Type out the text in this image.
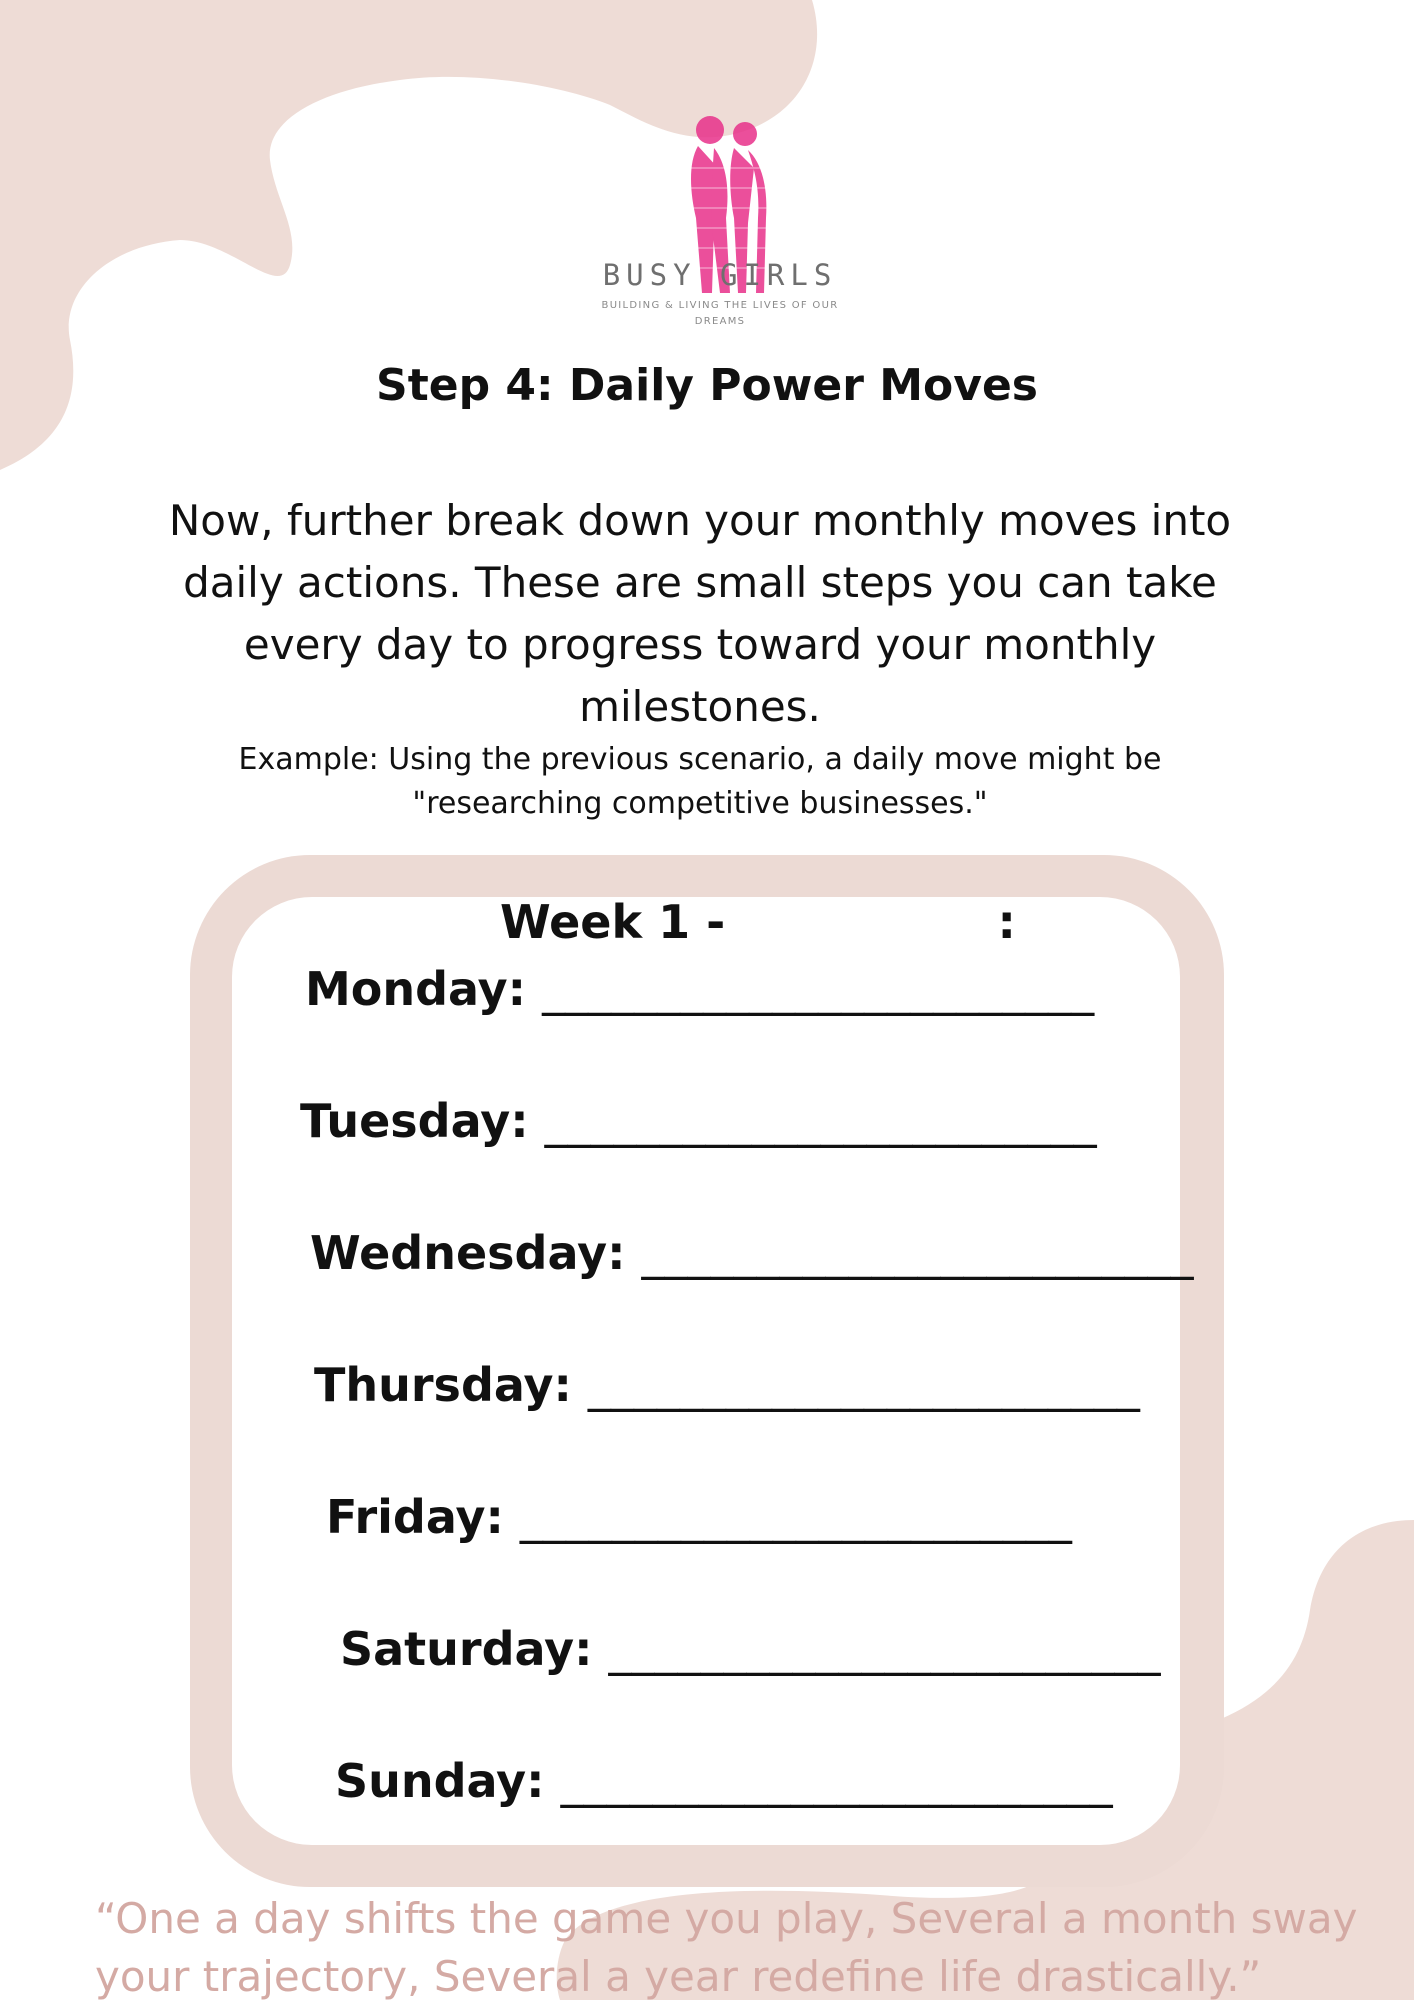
BUSY GIRLS
BUILDING & LIVING THE LIVES OF OUR
DREAMS
Step 4: Daily Power Moves
Now, further break down your monthly moves into daily actions. These are small steps you can take every day to progress toward your monthly milestones.
Example: Using the previous scenario, a daily move might be "researching competitive businesses."
Week 1 -                 :
Monday: ________________________
Tuesday: ________________________
Wednesday: ________________________
Thursday: ________________________
Friday: ________________________
Saturday: ________________________
Sunday: ________________________
“One a day shifts the game you play, Several a month sway
your trajectory, Several a year redefine life drastically.”
